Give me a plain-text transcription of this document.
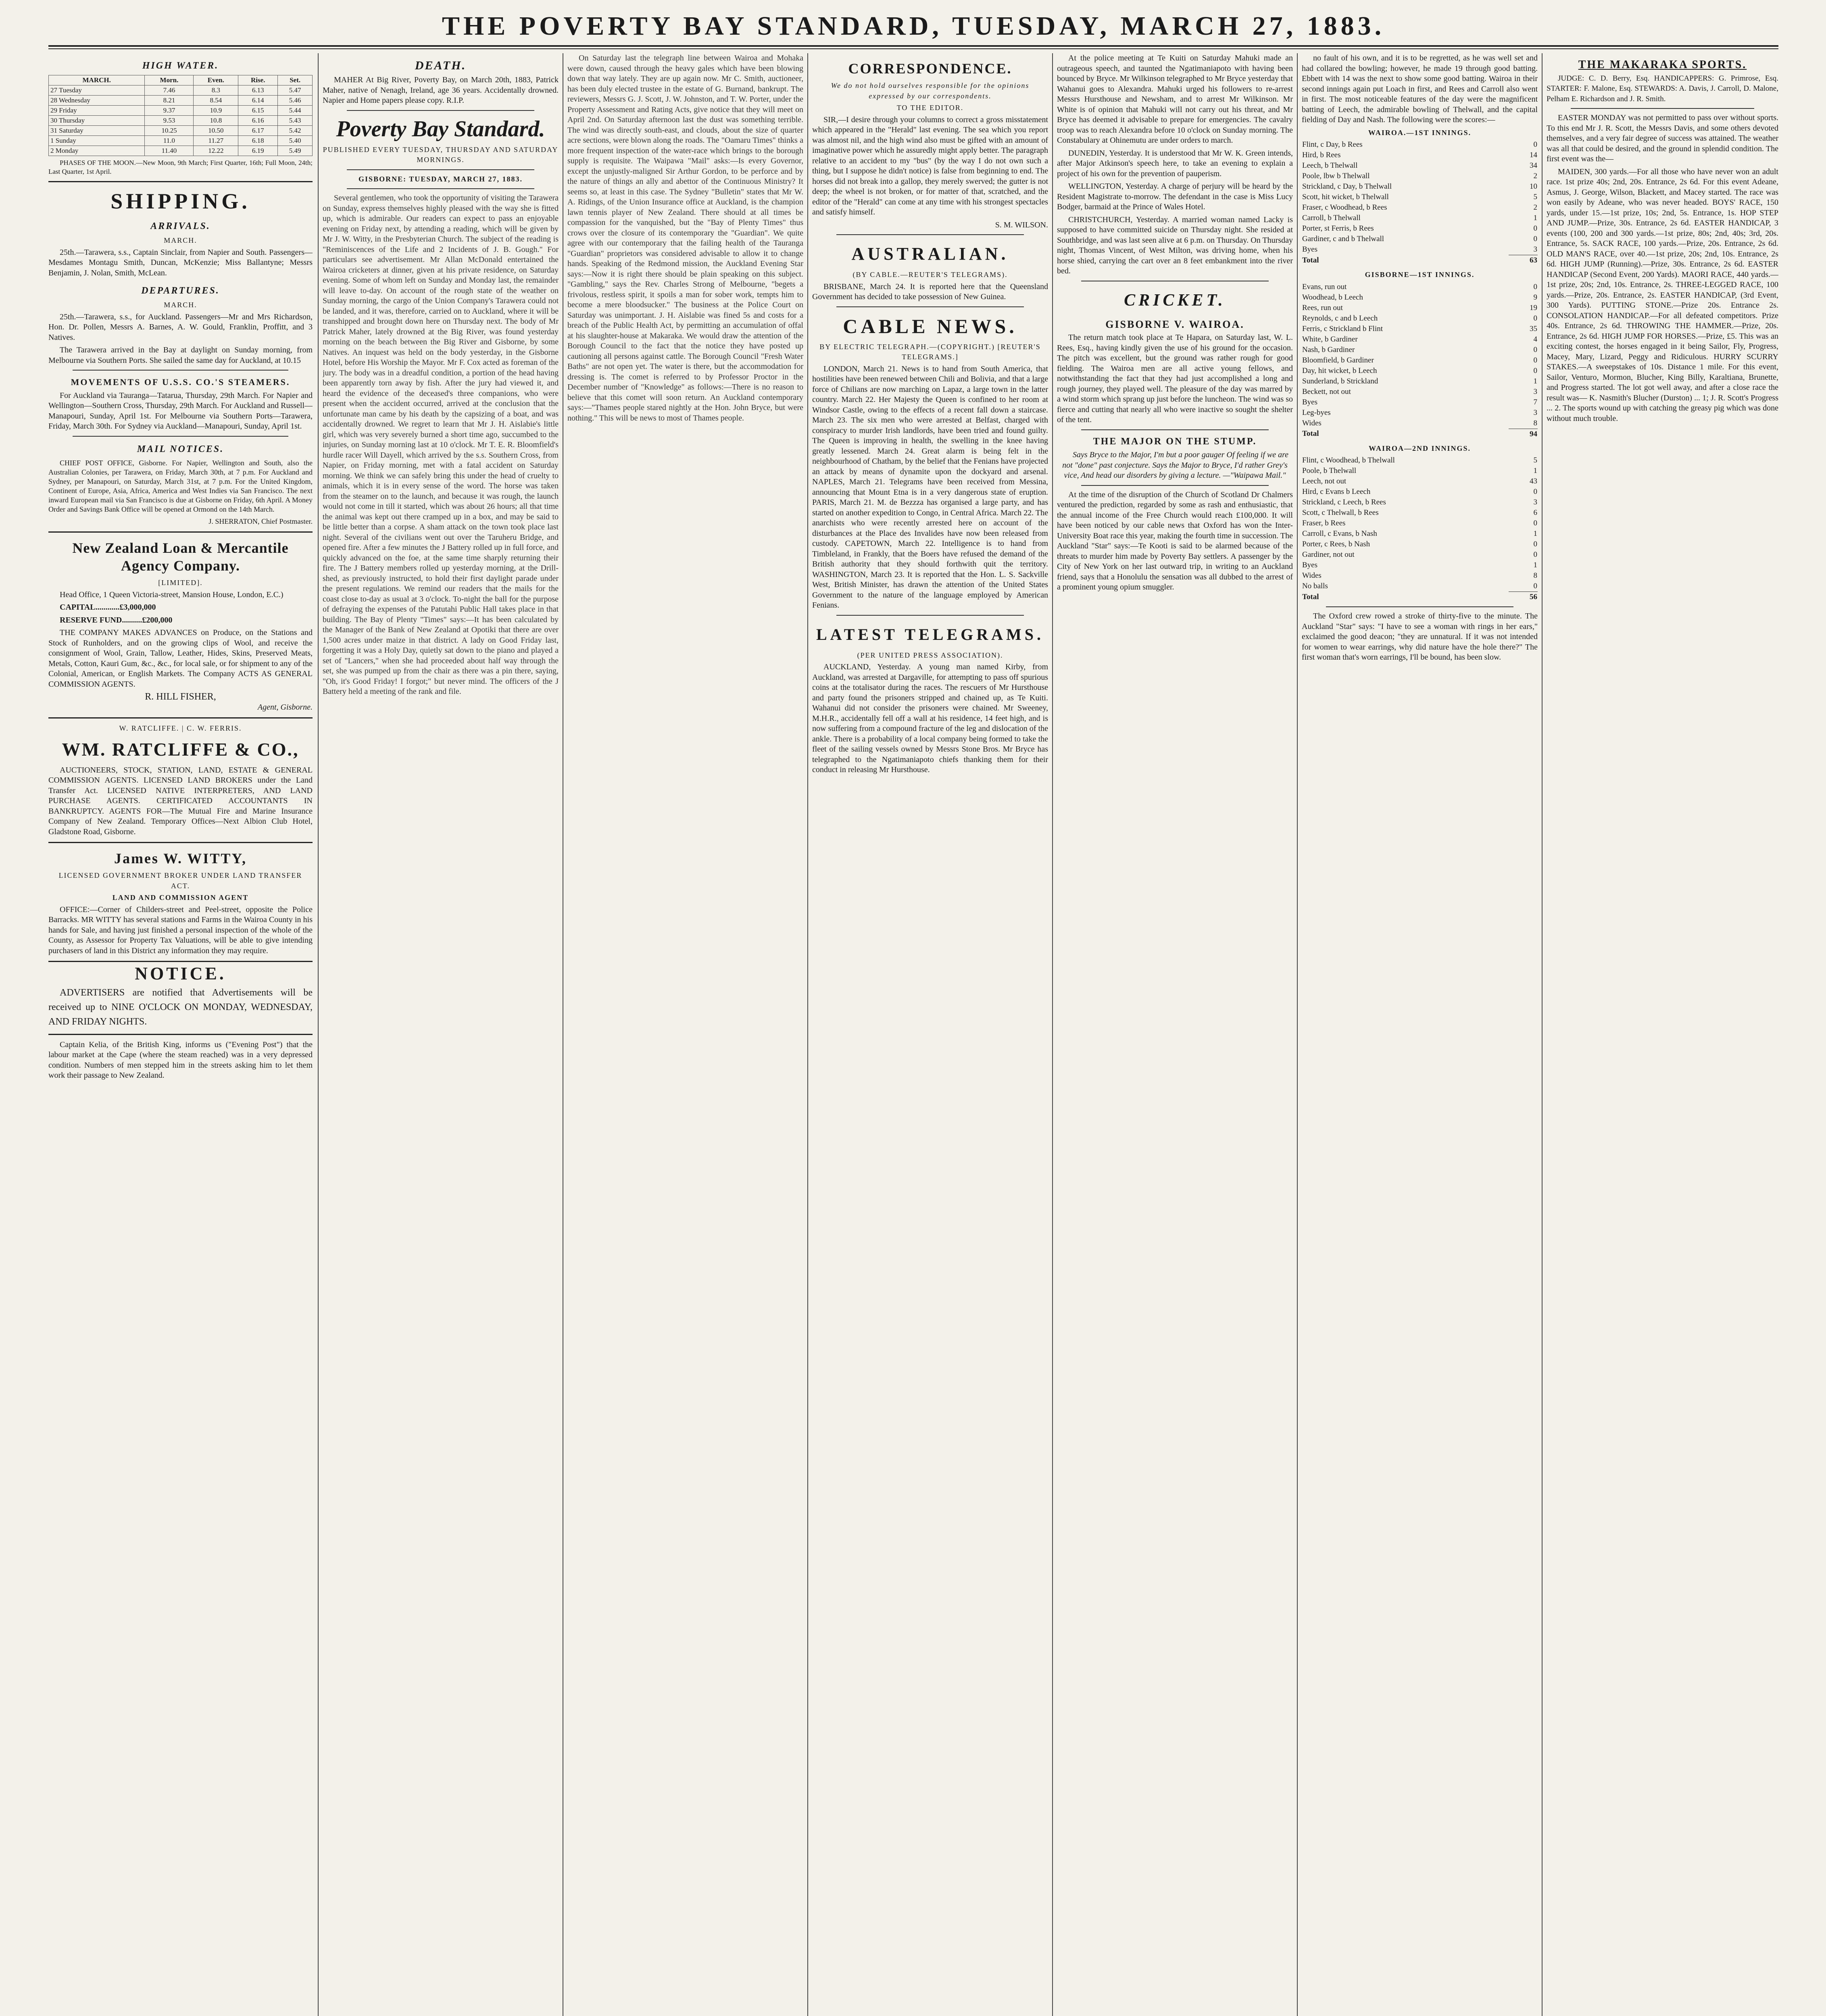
THE POVERTY BAY STANDARD, TUESDAY, MARCH 27, 1883.
HIGH WATER.
MARCH.	Morn.	Even.	Rise.	Set.
27 Tuesday	7.46	8.3	6.13	5.47
28 Wednesday	8.21	8.54	6.14	5.46
29 Friday	9.37	10.9	6.15	5.44
30 Thursday	9.53	10.8	6.16	5.43
31 Saturday	10.25	10.50	6.17	5.42
1 Sunday	11.0	11.27	6.18	5.40
2 Monday	11.40	12.22	6.19	5.49
PHASES OF THE MOON.—New Moon, 9th March; First Quarter, 16th; Full Moon, 24th; Last Quarter, 1st April.
SHIPPING.
ARRIVALS.
MARCH.
25th.—Tarawera, s.s., Captain Sinclair, from Napier and South. Passengers—Mesdames Montagu Smith, Duncan, McKenzie; Miss Ballantyne; Messrs Benjamin, J. Nolan, Smith, McLean.
DEPARTURES.
MARCH.
25th.—Tarawera, s.s., for Auckland. Passengers—Mr and Mrs Richardson, Hon. Dr. Pollen, Messrs A. Barnes, A. W. Gould, Franklin, Proffitt, and 3 Natives.
The Tarawera arrived in the Bay at daylight on Sunday morning, from Melbourne via Southern Ports. She sailed the same day for Auckland, at 10.15
MOVEMENTS OF U.S.S. CO.'S STEAMERS.
For Auckland via Tauranga—Tatarua, Thursday, 29th March. For Napier and Wellington—Southern Cross, Thursday, 29th March. For Auckland and Russell—Manapouri, Sunday, April 1st. For Melbourne via Southern Ports—Tarawera, Friday, March 30th. For Sydney via Auckland—Manapouri, Sunday, April 1st.
MAIL NOTICES.
CHIEF POST OFFICE, Gisborne. For Napier, Wellington and South, also the Australian Colonies, per Tarawera, on Friday, March 30th, at 7 p.m. For Auckland and Sydney, per Manapouri, on Saturday, March 31st, at 7 p.m. For the United Kingdom, Continent of Europe, Asia, Africa, America and West Indies via San Francisco. The next inward European mail via San Francisco is due at Gisborne on Friday, 6th April. A Money Order and Savings Bank Office will be opened at Ormond on the 14th March.
J. SHERRATON, Chief Postmaster.
New Zealand Loan & Mercantile Agency Company.
[LIMITED].
Head Office, 1 Queen Victoria-street, Mansion House, London, E.C.)
CAPITAL............£3,000,000
RESERVE FUND..........£200,000
THE COMPANY MAKES ADVANCES on Produce, on the Stations and Stock of Runholders, and on the growing clips of Wool, and receive the consignment of Wool, Grain, Tallow, Leather, Hides, Skins, Preserved Meats, Metals, Cotton, Kauri Gum, &c., &c., for local sale, or for shipment to any of the Colonial, American, or English Markets. The Company ACTS AS GENERAL COMMISSION AGENTS.
R. HILL FISHER,
Agent, Gisborne.
W. RATCLIFFE. | C. W. FERRIS.
WM. RATCLIFFE & CO.,
AUCTIONEERS, STOCK, STATION, LAND, ESTATE & GENERAL COMMISSION AGENTS. LICENSED LAND BROKERS under the Land Transfer Act. LICENSED NATIVE INTERPRETERS, AND LAND PURCHASE AGENTS. CERTIFICATED ACCOUNTANTS IN BANKRUPTCY. AGENTS FOR—The Mutual Fire and Marine Insurance Company of New Zealand. Temporary Offices—Next Albion Club Hotel, Gladstone Road, Gisborne.
James W. WITTY,
LICENSED GOVERNMENT BROKER UNDER LAND TRANSFER ACT.
LAND AND COMMISSION AGENT
OFFICE:—Corner of Childers-street and Peel-street, opposite the Police Barracks. MR WITTY has several stations and Farms in the Wairoa County in his hands for Sale, and having just finished a personal inspection of the whole of the County, as Assessor for Property Tax Valuations, will be able to give intending purchasers of land in this District any information they may require.
NOTICE.
ADVERTISERS are notified that Advertisements will be received up to NINE O'CLOCK ON MONDAY, WEDNESDAY, AND FRIDAY NIGHTS.
Captain Kelia, of the British King, informs us ("Evening Post") that the labour market at the Cape (where the steam reached) was in a very depressed condition. Numbers of men stepped him in the streets asking him to let them work their passage to New Zealand.
DEATH.
MAHER At Big River, Poverty Bay, on March 20th, 1883, Patrick Maher, native of Nenagh, Ireland, age 36 years. Accidentally drowned. Napier and Home papers please copy. R.I.P.
Poverty Bay Standard.
PUBLISHED EVERY TUESDAY, THURSDAY AND SATURDAY MORNINGS.
GISBORNE: TUESDAY, MARCH 27, 1883.
Several gentlemen, who took the opportunity of visiting the Tarawera on Sunday, express themselves highly pleased with the way she is fitted up, which is admirable. Our readers can expect to pass an enjoyable evening on Friday next, by attending a reading, which will be given by Mr J. W. Witty, in the Presbyterian Church. The subject of the reading is "Reminiscences of the Life and 2 Incidents of J. B. Gough." For particulars see advertisement. Mr Allan McDonald entertained the Wairoa cricketers at dinner, given at his private residence, on Saturday evening. Some of whom left on Sunday and Monday last, the remainder will leave to-day. On account of the rough state of the weather on Sunday morning, the cargo of the Union Company's Tarawera could not be landed, and it was, therefore, carried on to Auckland, where it will be transhipped and brought down here on Thursday next. The body of Mr Patrick Maher, lately drowned at the Big River, was found yesterday morning on the beach between the Big River and Gisborne, by some Natives. An inquest was held on the body yesterday, in the Gisborne Hotel, before His Worship the Mayor. Mr F. Cox acted as foreman of the jury. The body was in a dreadful condition, a portion of the head having been apparently torn away by fish. After the jury had viewed it, and heard the evidence of the deceased's three companions, who were present when the accident occurred, arrived at the conclusion that the unfortunate man came by his death by the capsizing of a boat, and was accidentally drowned. We regret to learn that Mr J. H. Aislabie's little girl, which was very severely burned a short time ago, succumbed to the injuries, on Sunday morning last at 10 o'clock. Mr T. E. R. Bloomfield's hurdle racer Will Dayell, which arrived by the s.s. Southern Cross, from Napier, on Friday morning, met with a fatal accident on Saturday morning. We think we can safely bring this under the head of cruelty to animals, which it is in every sense of the word. The horse was taken from the steamer on to the launch, and because it was rough, the launch would not come in till it started, which was about 26 hours; all that time the animal was kept out there cramped up in a box, and may be said to be little better than a corpse. A sham attack on the town took place last night. Several of the civilians went out over the Taruheru Bridge, and opened fire. After a few minutes the J Battery rolled up in full force, and quickly advanced on the foe, at the same time sharply returning their fire. The J Battery members rolled up yesterday morning, at the Drill-shed, as previously instructed, to hold their first daylight parade under the present regulations. We remind our readers that the mails for the coast close to-day as usual at 3 o'clock. To-night the ball for the purpose of defraying the expenses of the Patutahi Public Hall takes place in that building. The Bay of Plenty "Times" says:—It has been calculated by the Manager of the Bank of New Zealand at Opotiki that there are over 1,500 acres under maize in that district. A lady on Good Friday last, forgetting it was a Holy Day, quietly sat down to the piano and played a set of "Lancers," when she had proceeded about half way through the set, she was pumped up from the chair as there was a pin there, saying, "Oh, it's Good Friday! I forgot;" but never mind. The officers of the J Battery held a meeting of the rank and file.
On Saturday last the telegraph line between Wairoa and Mohaka were down, caused through the heavy gales which have been blowing down that way lately. They are up again now. Mr C. Smith, auctioneer, has been duly elected trustee in the estate of G. Burnand, bankrupt. The reviewers, Messrs G. J. Scott, J. W. Johnston, and T. W. Porter, under the Property Assessment and Rating Acts, give notice that they will meet on April 2nd. On Saturday afternoon last the dust was something terrible. The wind was directly south-east, and clouds, about the size of quarter acre sections, were blown along the roads. The "Oamaru Times" thinks a more frequent inspection of the water-race which brings to the borough supply is requisite. The Waipawa "Mail" asks:—Is every Governor, except the unjustly-maligned Sir Arthur Gordon, to be perforce and by the nature of things an ally and abettor of the Continuous Ministry? It seems so, at least in this case. The Sydney "Bulletin" states that Mr W. A. Ridings, of the Union Insurance office at Auckland, is the champion lawn tennis player of New Zealand. There should at all times be compassion for the vanquished, but the "Bay of Plenty Times" thus crows over the closure of its contemporary the "Guardian". We quite agree with our contemporary that the failing health of the Tauranga "Guardian" proprietors was considered advisable to allow it to change hands. Speaking of the Redmond mission, the Auckland Evening Star says:—Now it is right there should be plain speaking on this subject. "Gambling," says the Rev. Charles Strong of Melbourne, "begets a frivolous, restless spirit, it spoils a man for sober work, tempts him to become a mere bloodsucker." The business at the Police Court on Saturday was unimportant. J. H. Aislabie was fined 5s and costs for a breach of the Public Health Act, by permitting an accumulation of offal at his slaughter-house at Makaraka. We would draw the attention of the Borough Council to the fact that the notice they have posted up cautioning all persons against cattle. The Borough Council "Fresh Water Baths" are not open yet. The water is there, but the accommodation for dressing is. The comet is referred to by Professor Proctor in the December number of "Knowledge" as follows:—There is no reason to believe that this comet will soon return. An Auckland contemporary says:—"Thames people stared nightly at the Hon. John Bryce, but were nothing." This will be news to most of Thames people.
CORRESPONDENCE.
We do not hold ourselves responsible for the opinions expressed by our correspondents.
TO THE EDITOR.
SIR,—I desire through your columns to correct a gross misstatement which appeared in the "Herald" last evening. The sea which you report was almost nil, and the high wind also must be gifted with an amount of imaginative power which he assuredly might apply better. The paragraph relative to an accident to my "bus" (by the way I do not own such a thing, but I suppose he didn't notice) is false from beginning to end. The horses did not break into a gallop, they merely swerved; the gutter is not deep; the wheel is not broken, or for matter of that, scratched, and the editor of the "Herald" can come at any time with his strongest spectacles and satisfy himself.
S. M. WILSON.
AUSTRALIAN.
(BY CABLE.—REUTER'S TELEGRAMS).
BRISBANE, March 24. It is reported here that the Queensland Government has decided to take possession of New Guinea.
CABLE NEWS.
BY ELECTRIC TELEGRAPH.—(COPYRIGHT.) [REUTER'S TELEGRAMS.]
LONDON, March 21. News is to hand from South America, that hostilities have been renewed between Chili and Bolivia, and that a large force of Chilians are now marching on Lapaz, a large town in the latter country. March 22. Her Majesty the Queen is confined to her room at Windsor Castle, owing to the effects of a recent fall down a staircase. March 23. The six men who were arrested at Belfast, charged with conspiracy to murder Irish landlords, have been tried and found guilty. The Queen is improving in health, the swelling in the knee having greatly lessened. March 24. Great alarm is being felt in the neighbourhood of Chatham, by the belief that the Fenians have projected an attack by means of dynamite upon the dockyard and arsenal. NAPLES, March 21. Telegrams have been received from Messina, announcing that Mount Etna is in a very dangerous state of eruption. PARIS, March 21. M. de Bezzza has organised a large party, and has started on another expedition to Congo, in Central Africa. March 22. The anarchists who were recently arrested here on account of the disturbances at the Place des Invalides have now been released from custody. CAPETOWN, March 22. Intelligence is to hand from Timbleland, in Frankly, that the Boers have refused the demand of the British authority that they should forthwith quit the territory. WASHINGTON, March 23. It is reported that the Hon. L. S. Sackville West, British Minister, has drawn the attention of the United States Government to the nature of the language employed by American Fenians.
LATEST TELEGRAMS.
(PER UNITED PRESS ASSOCIATION).
AUCKLAND, Yesterday. A young man named Kirby, from Auckland, was arrested at Dargaville, for attempting to pass off spurious coins at the totalisator during the races. The rescuers of Mr Hursthouse and party found the prisoners stripped and chained up, as Te Kuiti. Wahanui did not consider the prisoners were chained. Mr Sweeney, M.H.R., accidentally fell off a wall at his residence, 14 feet high, and is now suffering from a compound fracture of the leg and dislocation of the ankle. There is a probability of a local company being formed to take the fleet of the sailing vessels owned by Messrs Stone Bros. Mr Bryce has telegraphed to the Ngatimaniapoto chiefs thanking them for their conduct in releasing Mr Hursthouse.
At the police meeting at Te Kuiti on Saturday Mahuki made an outrageous speech, and taunted the Ngatimaniapoto with having been bounced by Bryce. Mr Wilkinson telegraphed to Mr Bryce yesterday that Wahanui goes to Alexandra. Mahuki urged his followers to re-arrest Messrs Hursthouse and Newsham, and to arrest Mr Wilkinson. Mr White is of opinion that Mahuki will not carry out his threat, and Mr Bryce has deemed it advisable to prepare for emergencies. The cavalry troop was to reach Alexandra before 10 o'clock on Sunday morning. The Constabulary at Ohinemutu are under orders to march.
DUNEDIN, Yesterday. It is understood that Mr W. K. Green intends, after Major Atkinson's speech here, to take an evening to explain a project of his own for the prevention of pauperism.
WELLINGTON, Yesterday. A charge of perjury will be heard by the Resident Magistrate to-morrow. The defendant in the case is Miss Lucy Bodger, barmaid at the Prince of Wales Hotel.
CHRISTCHURCH, Yesterday. A married woman named Lacky is supposed to have committed suicide on Thursday night. She resided at Southbridge, and was last seen alive at 6 p.m. on Thursday. On Thursday night, Thomas Vincent, of West Milton, was driving home, when his horse shied, carrying the cart over an 8 feet embankment into the river bed.
CRICKET.
GISBORNE V. WAIROA.
The return match took place at Te Hapara, on Saturday last, W. L. Rees, Esq., having kindly given the use of his ground for the occasion. The pitch was excellent, but the ground was rather rough for good fielding. The Wairoa men are all active young fellows, and notwithstanding the fact that they had just accomplished a long and rough journey, they played well. The pleasure of the day was marred by a wind storm which sprang up just before the luncheon. The wind was so fierce and cutting that nearly all who were inactive so sought the shelter of the tent.
THE MAJOR ON THE STUMP.
Says Bryce to the Major, I'm but a poor gauger Of feeling if we are not "done" past conjecture. Says the Major to Bryce, I'd rather Grey's vice, And head our disorders by giving a lecture. —"Waipawa Mail."
At the time of the disruption of the Church of Scotland Dr Chalmers ventured the prediction, regarded by some as rash and enthusiastic, that the annual income of the Free Church would reach £100,000. It will have been noticed by our cable news that Oxford has won the Inter-University Boat race this year, making the fourth time in succession. The Auckland "Star" says:—Te Kooti is said to be alarmed because of the threats to murder him made by Poverty Bay settlers. A passenger by the City of New York on her last outward trip, in writing to an Auckland friend, says that a Honolulu the sensation was all dubbed to the arrest of a prominent young opium smuggler.
no fault of his own, and it is to be regretted, as he was well set and had collared the bowling; however, he made 19 through good batting. Ebbett with 14 was the next to show some good batting. Wairoa in their second innings again put Loach in first, and Rees and Carroll also went in first. The most noticeable features of the day were the magnificent batting of Leech, the admirable bowling of Thelwall, and the capital fielding of Day and Nash. The following were the scores:—
WAIROA.—1ST INNINGS.
Flint, c Day, b Rees	0
Hird, b Rees	14
Leech, b Thelwall	34
Poole, lbw b Thelwall	2
Strickland, c Day, b Thelwall	10
Scott, hit wicket, b Thelwall	5
Fraser, c Woodhead, b Rees	2
Carroll, b Thelwall	1
Porter, st Ferris, b Rees	0
Gardiner, c and b Thelwall	0
Byes	3
Total	63
GISBORNE—1ST INNINGS.
Evans, run out	0
Woodhead, b Leech	9
Rees, run out	19
Reynolds, c and b Leech	0
Ferris, c Strickland b Flint	35
White, b Gardiner	4
Nash, b Gardiner	0
Bloomfield, b Gardiner	0
Day, hit wicket, b Leech	0
Sunderland, b Strickland	1
Beckett, not out	3
Byes	7
Leg-byes	3
Wides	8
Total	94
WAIROA—2ND INNINGS.
Flint, c Woodhead, b Thelwall	5
Poole, b Thelwall	1
Leech, not out	43
Hird, c Evans b Leech	0
Strickland, c Leech, b Rees	3
Scott, c Thelwall, b Rees	6
Fraser, b Rees	0
Carroll, c Evans, b Nash	1
Porter, c Rees, b Nash	0
Gardiner, not out	0
Byes	1
Wides	8
No balls	0
Total	56
The Oxford crew rowed a stroke of thirty-five to the minute. The Auckland "Star" says: "I have to see a woman with rings in her ears," exclaimed the good deacon; "they are unnatural. If it was not intended for women to wear earrings, why did nature have the hole there?" The first woman that's worn earrings, I'll be bound, has been slow.
THE MAKARAKA SPORTS.
JUDGE: C. D. Berry, Esq. HANDICAPPERS: G. Primrose, Esq. STARTER: F. Malone, Esq. STEWARDS: A. Davis, J. Carroll, D. Malone, Pelham E. Richardson and J. R. Smith.
EASTER MONDAY was not permitted to pass over without sports. To this end Mr J. R. Scott, the Messrs Davis, and some others devoted themselves, and a very fair degree of success was attained. The weather was all that could be desired, and the ground in splendid condition. The first event was the—
MAIDEN, 300 yards.—For all those who have never won an adult race. 1st prize 40s; 2nd, 20s. Entrance, 2s 6d. For this event Adeane, Asmus, J. George, Wilson, Blackett, and Macey started. The race was won easily by Adeane, who was never headed. BOYS' RACE, 150 yards, under 15.—1st prize, 10s; 2nd, 5s. Entrance, 1s. HOP STEP AND JUMP.—Prize, 30s. Entrance, 2s 6d. EASTER HANDICAP, 3 events (100, 200 and 300 yards.—1st prize, 80s; 2nd, 40s; 3rd, 20s. Entrance, 5s. SACK RACE, 100 yards.—Prize, 20s. Entrance, 2s 6d. OLD MAN'S RACE, over 40.—1st prize, 20s; 2nd, 10s. Entrance, 2s 6d. HIGH JUMP (Running).—Prize, 30s. Entrance, 2s 6d. EASTER HANDICAP (Second Event, 200 Yards). MAORI RACE, 440 yards.—1st prize, 20s; 2nd, 10s. Entrance, 2s. THREE-LEGGED RACE, 100 yards.—Prize, 20s. Entrance, 2s. EASTER HANDICAP, (3rd Event, 300 Yards). PUTTING STONE.—Prize 20s. Entrance 2s. CONSOLATION HANDICAP.—For all defeated competitors. Prize 40s. Entrance, 2s 6d. THROWING THE HAMMER.—Prize, 20s. Entrance, 2s 6d. HIGH JUMP FOR HORSES.—Prize, £5. This was an exciting contest, the horses engaged in it being Sailor, Fly, Progress, Macey, Mary, Lizard, Peggy and Ridiculous. HURRY SCURRY STAKES.—A sweepstakes of 10s. Distance 1 mile. For this event, Sailor, Venturo, Mormon, Blucher, King Billy, Karaltiana, Brunette, and Progress started. The lot got well away, and after a close race the result was— K. Nasmith's Blucher (Durston) ... 1; J. R. Scott's Progress ... 2. The sports wound up with catching the greasy pig which was done without much trouble.
